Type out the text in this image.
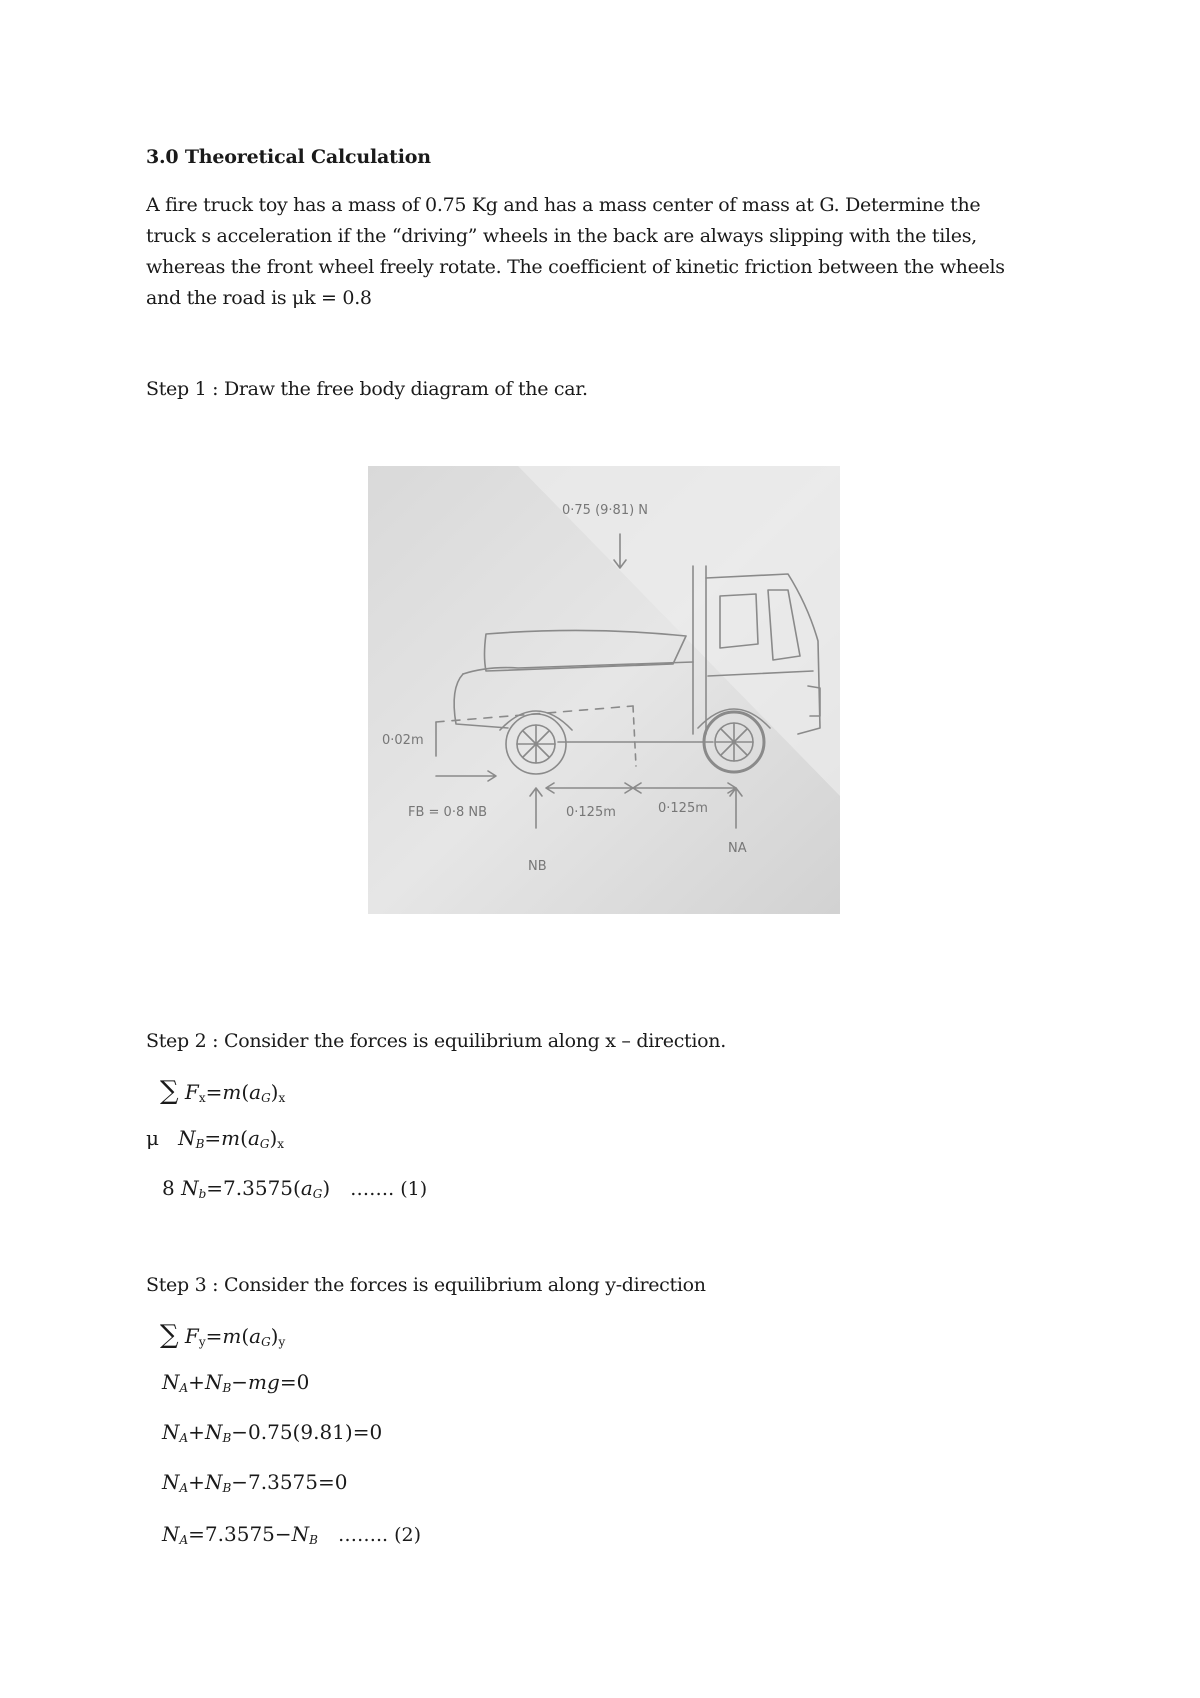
3.0 Theoretical Calculation
A fire truck toy has a mass of 0.75 Kg and has a mass center of mass at G. Determine the
truck s acceleration if the “driving” wheels in the back are always slipping with the tiles,
whereas the front wheel freely rotate. The coefficient of kinetic friction between the wheels
and the road is μk = 0.8
Step 1 : Draw the free body diagram of the car.
0·75 (9·81) N
0·02m
FB = 0·8 NB	0·125m	0·125m
NB
NA
Step 2 : Consider the forces is equilibrium along x – direction.
∑ $F_x=m(a_G)_x$
μ   $N_B=m(a_G)_x$
8 $N_b=7.3575(a_G)$ ……. (1)
Step 3 : Consider the forces is equilibrium along y-direction
∑ $F_y=m(a_G)_y$
$N_A+N_B-mg=0$
$N_A+N_B-0.75(9.81)=0$
$N_A+N_B-7.3575=0$
$N_A=7.3575-N_B$ …….. (2)
